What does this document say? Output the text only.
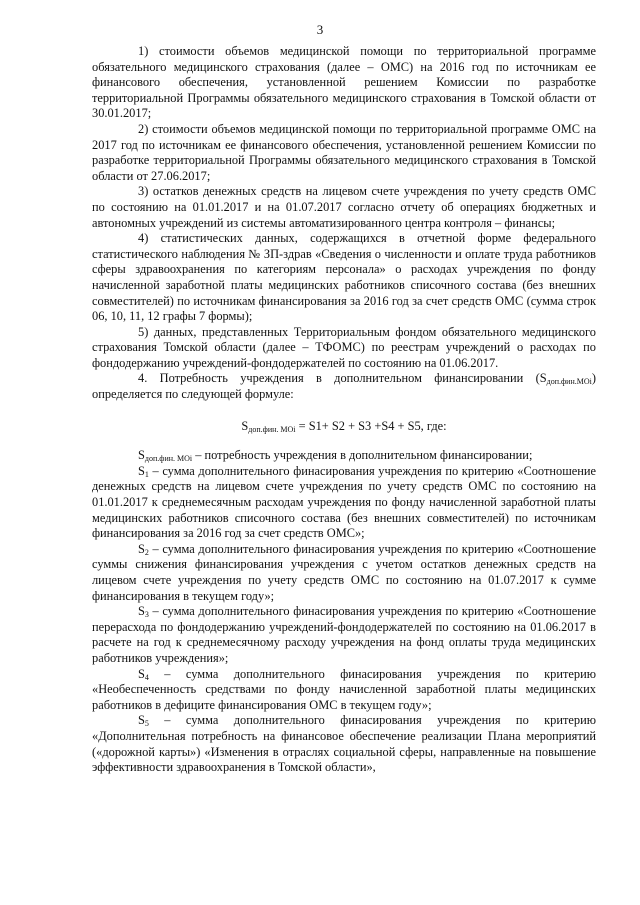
3

1) стоимости объемов медицинской помощи по территориальной программе обязательного медицинского страхования (далее – ОМС) на 2016 год по источникам ее финансового обеспечения, установленной решением Комиссии по разработке территориальной Программы обязательного медицинского страхования в Томской области от 30.01.2017;

2) стоимости объемов медицинской помощи по территориальной программе ОМС на 2017 год по источникам ее финансового обеспечения, установленной решением Комиссии по разработке территориальной Программы обязательного медицинского страхования в Томской области от 27.06.2017;

3) остатков денежных средств на лицевом счете учреждения по учету средств ОМС по состоянию на 01.01.2017 и на 01.07.2017 согласно отчету об операциях бюджетных и автономных учреждений из системы автоматизированного центра контроля – финансы;

4) статистических данных, содержащихся в отчетной форме федерального статистического наблюдения № ЗП-здрав «Сведения о численности и оплате труда работников сферы здравоохранения по категориям персонала» о расходах учреждения по фонду начисленной заработной платы медицинских работников списочного состава (без внешних совместителей) по источникам финансирования за 2016 год за счет средств ОМС (сумма строк 06, 10, 11, 12 графы 7 формы);

5) данных, представленных Территориальным фондом обязательного медицинского страхования Томской области (далее – ТФОМС) по реестрам учреждений о расходах по фондодержанию учреждений-фондодержателей по состоянию на 01.06.2017.

4. Потребность учреждения в дополнительном финансировании $(S_{доп.фин.МОi})$ определяется по следующей формуле:

$S_{доп.фин. МОi} = S1+ S2 + S3 +S4 + S5$, где:

$S_{доп.фин. МОi}$ – потребность учреждения в дополнительном финансировании;

$S_1$ – сумма дополнительного финасирования учреждения по критерию «Соотношение денежных средств на лицевом счете учреждения по учету средств ОМС по состоянию на 01.01.2017 к среднемесячным расходам учреждения по фонду начисленной заработной платы медицинских работников списочного состава (без внешних совместителей) по источникам финансирования за 2016 год за счет средств ОМС»;

$S_2$ – сумма дополнительного финасирования учреждения по критерию «Соотношение суммы снижения финансирования учреждения с учетом остатков денежных средств на лицевом счете учреждения по учету средств ОМС по состоянию на 01.07.2017 к сумме финансирования в текущем году»;

$S_3$ – сумма дополнительного финасирования учреждения по критерию «Соотношение перерасхода по фондодержанию учреждений-фондодержателей по состоянию на 01.06.2017 в расчете на год к среднемесячному расходу учреждения на фонд оплаты труда медицинских работников учреждения»;

$S_4$ – сумма дополнительного финасирования учреждения по критерию «Необеспеченность средствами по фонду начисленной заработной платы медицинских работников в дефиците финансирования ОМС в текущем году»;

$S_5$ – сумма дополнительного финасирования учреждения по критерию «Дополнительная потребность на финансовое обеспечение реализации Плана мероприятий («дорожной карты») «Изменения в отраслях социальной сферы, направленные на повышение эффективности здравоохранения в Томской области»,
